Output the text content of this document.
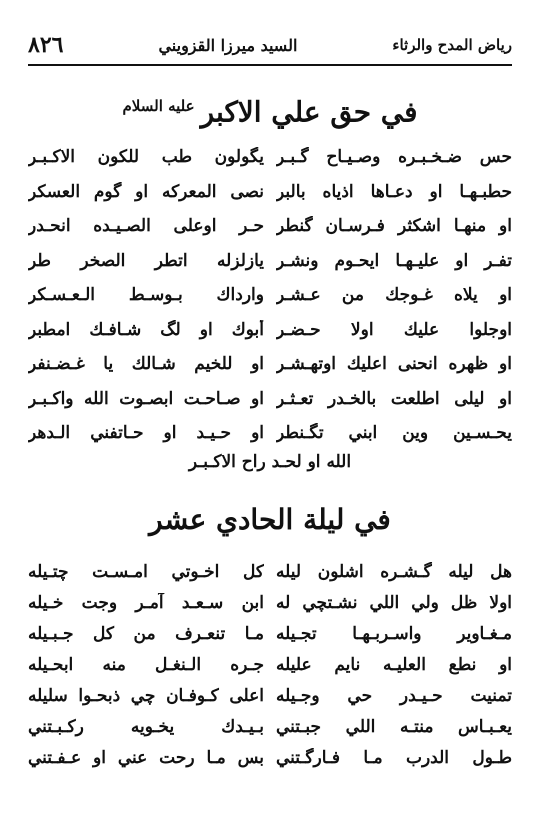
رياض المدح والرثاء
السيد ميرزا القزويني
٨٢٦
في حق علي الاكبر$^{عليه السلام}$
حس ضـخـبـره وصـيـاح گـبـر
يگولون طب للكون الاكـبـر
حطبـهـا او دعـاها اذياه بالبر
نصى المعركه او گوم العسكر
او منهـا اشكثر فـرسـان گنطر
حـر اوعلى الصـيـده انحـدر
تفـر او عليـهـا ايحـوم ونشـر
يازلزله اتطر الصخر طر
او يلاه غـوجك من عـشـر
وارداك بـوسـط الـعـسـكر
اوجلوا عليك اولا حـضـر
أبوك او لگ شـافـك امطبر
او ظهره انحنى اعليك اوتهـشـر
او للخيم شـالك يا غـضـنفر
او ليلى اطلعت بالخـدر تعـثـر
او صـاحـت ابصـوت الله واكـبـر
يحـسـين وين ابني تگـنطر
او حـيـد او حـاتفني الـدهر
الله او لحـد راح الاكـبـر
في ليلة الحادي عشر
هل ليله گـشـره اشلون ليله
كل اخـوتي امـسـت چتـيله
اولا ظل ولي اللي نشـتچي له
ابن سـعـد آمـر وجت خـيله
مـغـاوير واسـربـهـا تجـيله
مـا تنعـرف من كل جـبـيله
او نطع العليـه نايم عليله
جـره الـنغـل منه ابحـيله
تمنيت حـيـدر حي وجـيله
اعلى كـوفـان چي ذبحـوا سليله
يعـبـاس منتـه اللي جبـتني
بـيـدك يخـويه ركـبـتني
طـول الدرب مـا فـارگـتني
بس مـا رحت عني او عـفـتني
